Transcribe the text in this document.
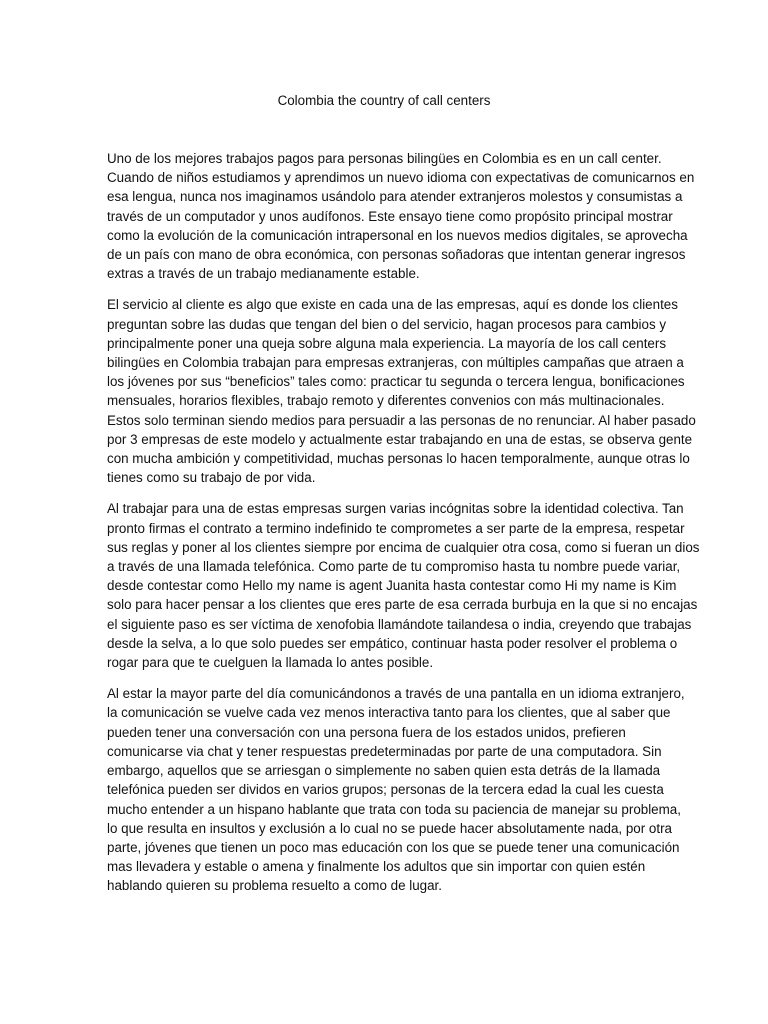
Colombia the country of call centers

Uno de los mejores trabajos pagos para personas bilingües en Colombia es en un call center.
Cuando de niños estudiamos y aprendimos un nuevo idioma con expectativas de comunicarnos en
esa lengua, nunca nos imaginamos usándolo para atender extranjeros molestos y consumistas a
través de un computador y unos audífonos. Este ensayo tiene como propósito principal mostrar
como la evolución de la comunicación intrapersonal en los nuevos medios digitales, se aprovecha
de un país con mano de obra económica, con personas soñadoras que intentan generar ingresos
extras a través de un trabajo medianamente estable.

El servicio al cliente es algo que existe en cada una de las empresas, aquí es donde los clientes
preguntan sobre las dudas que tengan del bien o del servicio, hagan procesos para cambios y
principalmente poner una queja sobre alguna mala experiencia. La mayoría de los call centers
bilingües en Colombia trabajan para empresas extranjeras, con múltiples campañas que atraen a
los jóvenes por sus “beneficios” tales como: practicar tu segunda o tercera lengua, bonificaciones
mensuales, horarios flexibles, trabajo remoto y diferentes convenios con más multinacionales.
Estos solo terminan siendo medios para persuadir a las personas de no renunciar. Al haber pasado
por 3 empresas de este modelo y actualmente estar trabajando en una de estas, se observa gente
con mucha ambición y competitividad, muchas personas lo hacen temporalmente, aunque otras lo
tienes como su trabajo de por vida.

Al trabajar para una de estas empresas surgen varias incógnitas sobre la identidad colectiva. Tan
pronto firmas el contrato a termino indefinido te comprometes a ser parte de la empresa, respetar
sus reglas y poner al los clientes siempre por encima de cualquier otra cosa, como si fueran un dios
a través de una llamada telefónica. Como parte de tu compromiso hasta tu nombre puede variar,
desde contestar como Hello my name is agent Juanita hasta contestar como Hi my name is Kim
solo para hacer pensar a los clientes que eres parte de esa cerrada burbuja en la que si no encajas
el siguiente paso es ser víctima de xenofobia llamándote tailandesa o india, creyendo que trabajas
desde la selva, a lo que solo puedes ser empático, continuar hasta poder resolver el problema o
rogar para que te cuelguen la llamada lo antes posible.

Al estar la mayor parte del día comunicándonos a través de una pantalla en un idioma extranjero,
la comunicación se vuelve cada vez menos interactiva tanto para los clientes, que al saber que
pueden tener una conversación con una persona fuera de los estados unidos, prefieren
comunicarse via chat y tener respuestas predeterminadas por parte de una computadora. Sin
embargo, aquellos que se arriesgan o simplemente no saben quien esta detrás de la llamada
telefónica pueden ser dividos en varios grupos; personas de la tercera edad la cual les cuesta
mucho entender a un hispano hablante que trata con toda su paciencia de manejar su problema,
lo que resulta en insultos y exclusión a lo cual no se puede hacer absolutamente nada, por otra
parte, jóvenes que tienen un poco mas educación con los que se puede tener una comunicación
mas llevadera y estable o amena y finalmente los adultos que sin importar con quien estén
hablando quieren su problema resuelto a como de lugar.
